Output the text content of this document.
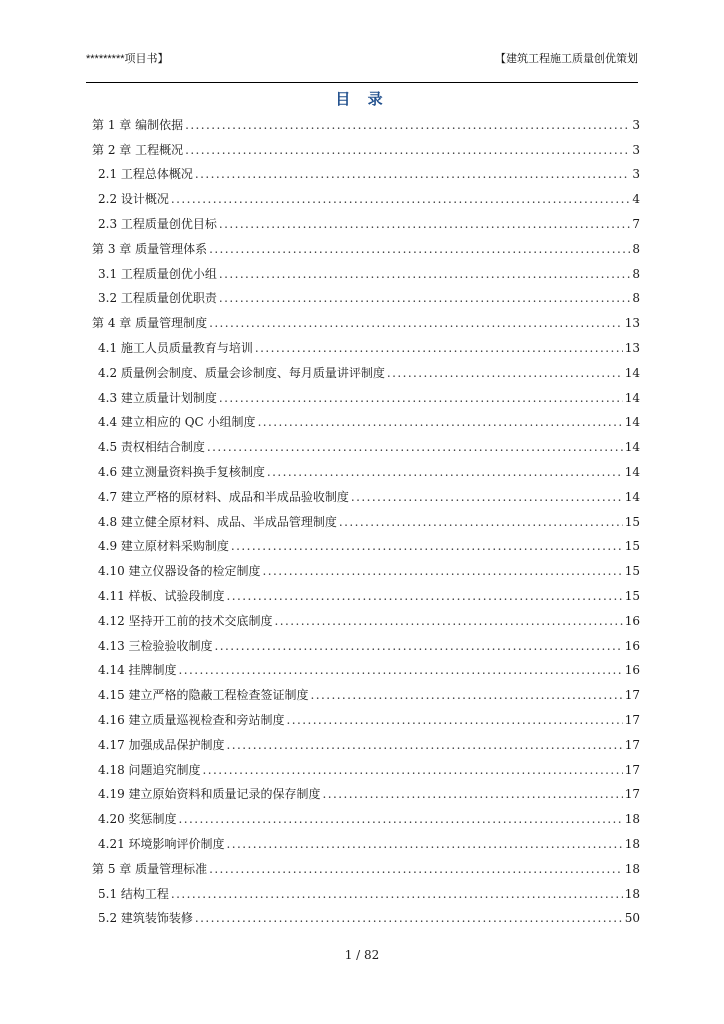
*********项目书】	【建筑工程施工质量创优策划
目 录
第 1 章 编制依据 . . .	3
第 2 章 工程概况 . . .	3
2.1 工程总体概况 . . .	3
2.2 设计概况 . . .	4
2.3 工程质量创优目标 . . .	7
第 3 章 质量管理体系 . . .	8
3.1 工程质量创优小组 . . .	8
3.2 工程质量创优职责 . . .	8
第 4 章 质量管理制度 . . .	13
4.1 施工人员质量教育与培训 . . .	13
4.2 质量例会制度、质量会诊制度、每月质量讲评制度 . . .	14
4.3 建立质量计划制度 . . .	14
4.4 建立相应的 QC 小组制度 . . .	14
4.5 责权相结合制度 . . .	14
4.6 建立测量资料换手复核制度 . . .	14
4.7 建立严格的原材料、成品和半成品验收制度 . . .	14
4.8 建立健全原材料、成品、半成品管理制度 . . .	15
4.9 建立原材料采购制度 . . .	15
4.10 建立仪器设备的检定制度 . . .	15
4.11 样板、试验段制度 . . .	15
4.12 坚持开工前的技术交底制度 . . .	16
4.13 三检验验收制度 . . .	16
4.14 挂牌制度 . . .	16
4.15 建立严格的隐蔽工程检查签证制度 . . .	17
4.16 建立质量巡视检查和旁站制度 . . .	17
4.17 加强成品保护制度 . . .	17
4.18 问题追究制度 . . .	17
4.19 建立原始资料和质量记录的保存制度 . . .	17
4.20 奖惩制度 . . .	18
4.21 环境影响评价制度 . . .	18
第 5 章 质量管理标准 . . .	18
5.1 结构工程 . . .	18
5.2 建筑装饰装修 . . .	50
1 / 82
